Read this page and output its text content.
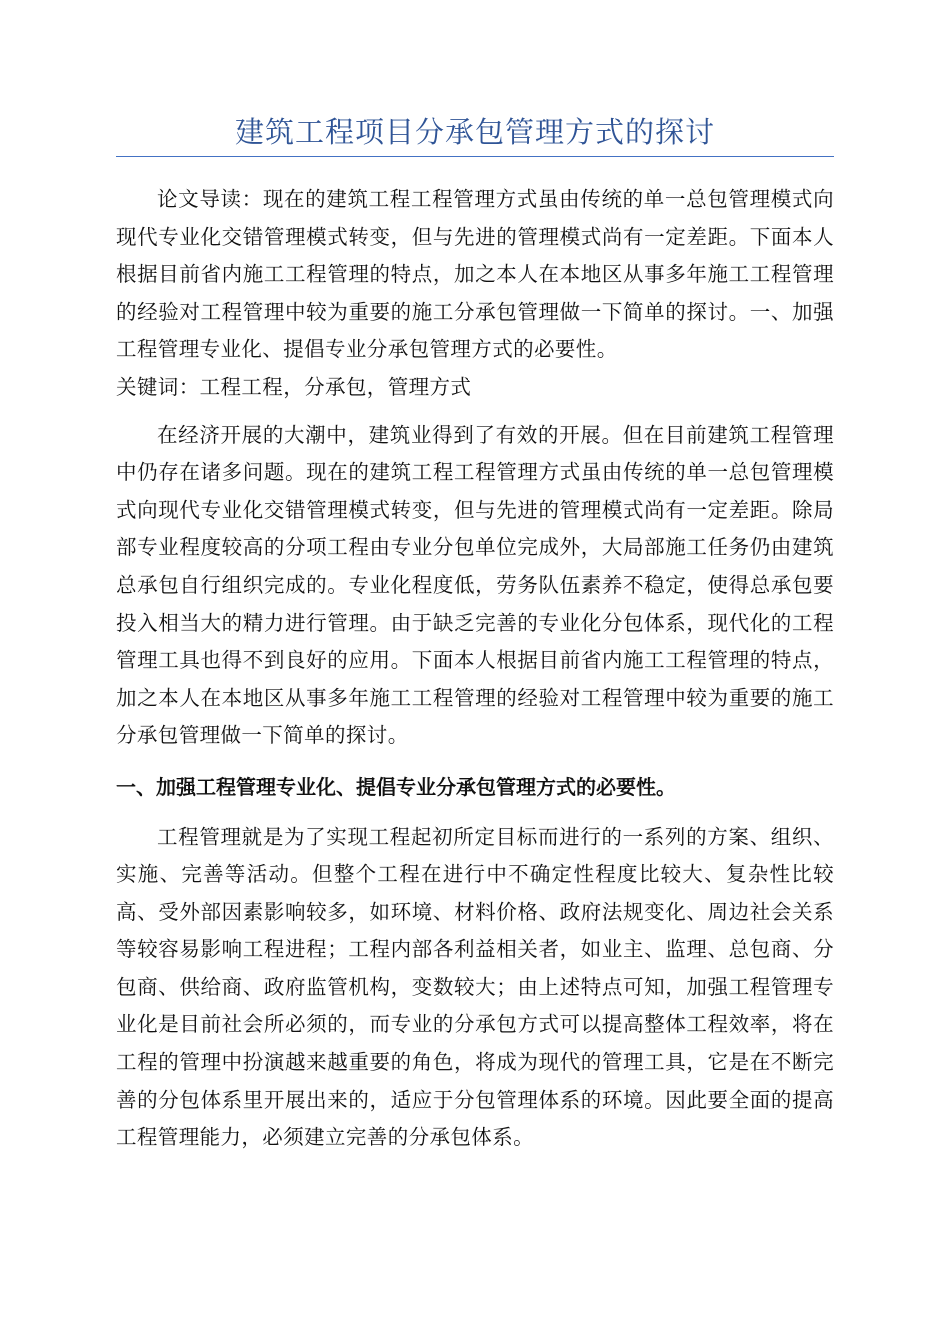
建筑工程项目分承包管理方式的探讨

论文导读：现在的建筑工程工程管理方式虽由传统的单一总包管理模式向现代专业化交错管理模式转变，但与先进的管理模式尚有一定差距。下面本人根据目前省内施工工程管理的特点，加之本人在本地区从事多年施工工程管理的经验对工程管理中较为重要的施工分承包管理做一下简单的探讨。一、加强工程管理专业化、提倡专业分承包管理方式的必要性。

关键词：工程工程，分承包，管理方式

在经济开展的大潮中，建筑业得到了有效的开展。但在目前建筑工程管理中仍存在诸多问题。现在的建筑工程工程管理方式虽由传统的单一总包管理模式向现代专业化交错管理模式转变，但与先进的管理模式尚有一定差距。除局部专业程度较高的分项工程由专业分包单位完成外，大局部施工任务仍由建筑总承包自行组织完成的。专业化程度低，劳务队伍素养不稳定，使得总承包要投入相当大的精力进行管理。由于缺乏完善的专业化分包体系，现代化的工程管理工具也得不到良好的应用。下面本人根据目前省内施工工程管理的特点，加之本人在本地区从事多年施工工程管理的经验对工程管理中较为重要的施工分承包管理做一下简单的探讨。

一、加强工程管理专业化、提倡专业分承包管理方式的必要性。

工程管理就是为了实现工程起初所定目标而进行的一系列的方案、组织、实施、完善等活动。但整个工程在进行中不确定性程度比较大、复杂性比较高、受外部因素影响较多，如环境、材料价格、政府法规变化、周边社会关系等较容易影响工程进程；工程内部各利益相关者，如业主、监理、总包商、分包商、供给商、政府监管机构，变数较大；由上述特点可知，加强工程管理专业化是目前社会所必须的，而专业的分承包方式可以提高整体工程效率，将在工程的管理中扮演越来越重要的角色，将成为现代的管理工具，它是在不断完善的分包体系里开展出来的，适应于分包管理体系的环境。因此要全面的提高工程管理能力，必须建立完善的分承包体系。
